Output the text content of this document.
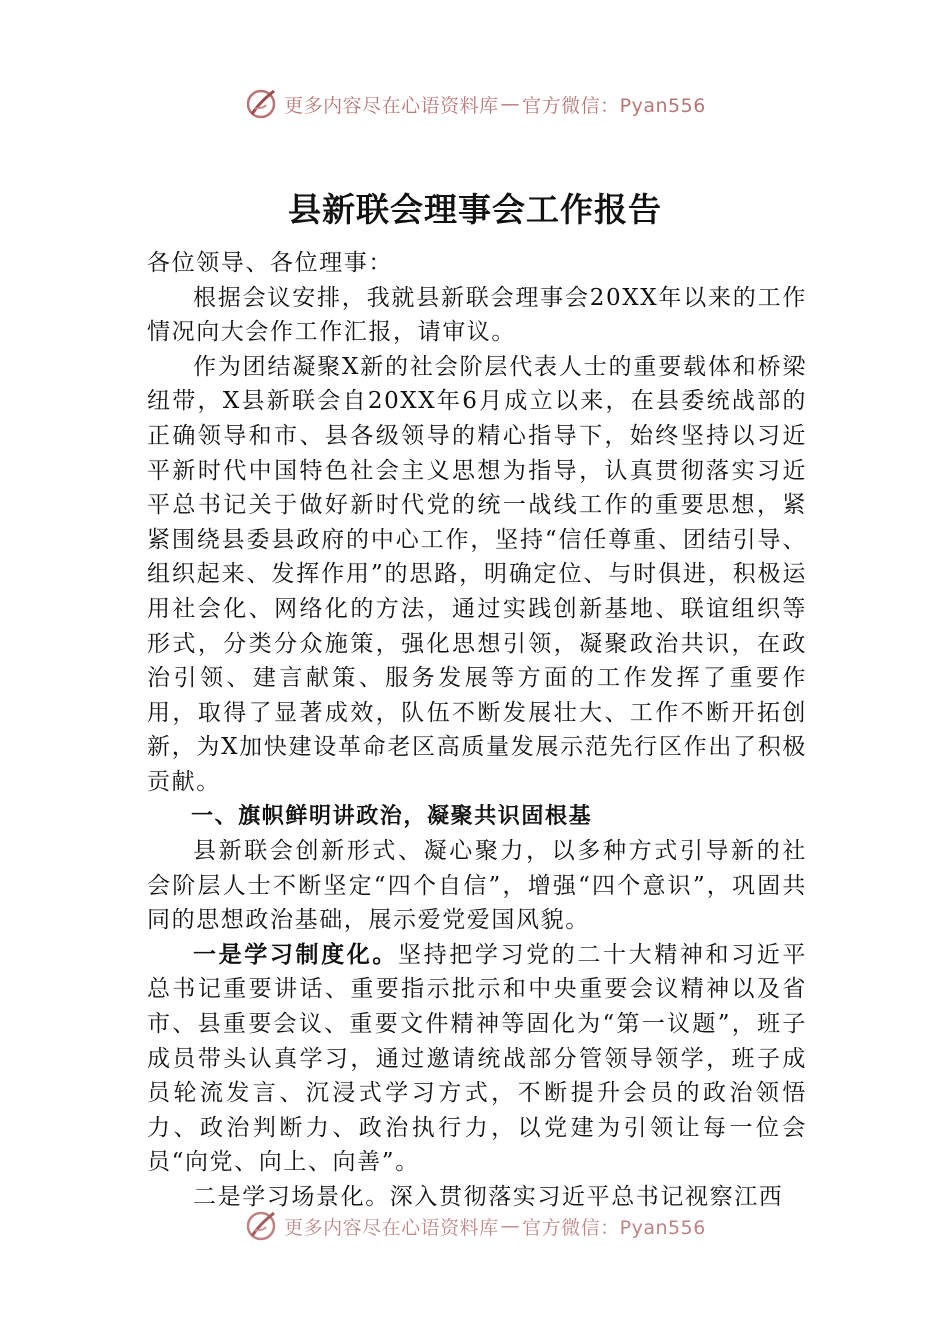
更多内容尽在心语资料库 — 官方微信：Pyan556
县新联会理事会工作报告

各位领导、各位理事：

根据会议安排，我就县新联会理事会20XX年以来的工作情况向大会作工作汇报，请审议。

作为团结凝聚X新的社会阶层代表人士的重要载体和桥梁纽带，X县新联会自20XX年6月成立以来，在县委统战部的正确领导和市、县各级领导的精心指导下，始终坚持以习近平新时代中国特色社会主义思想为指导，认真贯彻落实习近平总书记关于做好新时代党的统一战线工作的重要思想，紧紧围绕县委县政府的中心工作，坚持“信任尊重、团结引导、组织起来、发挥作用”的思路，明确定位、与时俱进，积极运用社会化、网络化的方法，通过实践创新基地、联谊组织等形式，分类分众施策，强化思想引领，凝聚政治共识，在政治引领、建言献策、服务发展等方面的工作发挥了重要作用，取得了显著成效，队伍不断发展壮大、工作不断开拓创新，为X加快建设革命老区高质量发展示范先行区作出了积极贡献。

一、旗帜鲜明讲政治，凝聚共识固根基

县新联会创新形式、凝心聚力，以多种方式引导新的社会阶层人士不断坚定“四个自信”，增强“四个意识”，巩固共同的思想政治基础，展示爱党爱国风貌。

一是学习制度化。坚持把学习党的二十大精神和习近平总书记重要讲话、重要指示批示和中央重要会议精神以及省市、县重要会议、重要文件精神等固化为“第一议题”，班子成员带头认真学习，通过邀请统战部分管领导领学，班子成员轮流发言、沉浸式学习方式，不断提升会员的政治领悟力、政治判断力、政治执行力，以党建为引领让每一位会员“向党、向上、向善”。

二是学习场景化。深入贯彻落实习近平总书记视察江西

更多内容尽在心语资料库 — 官方微信：Pyan556
